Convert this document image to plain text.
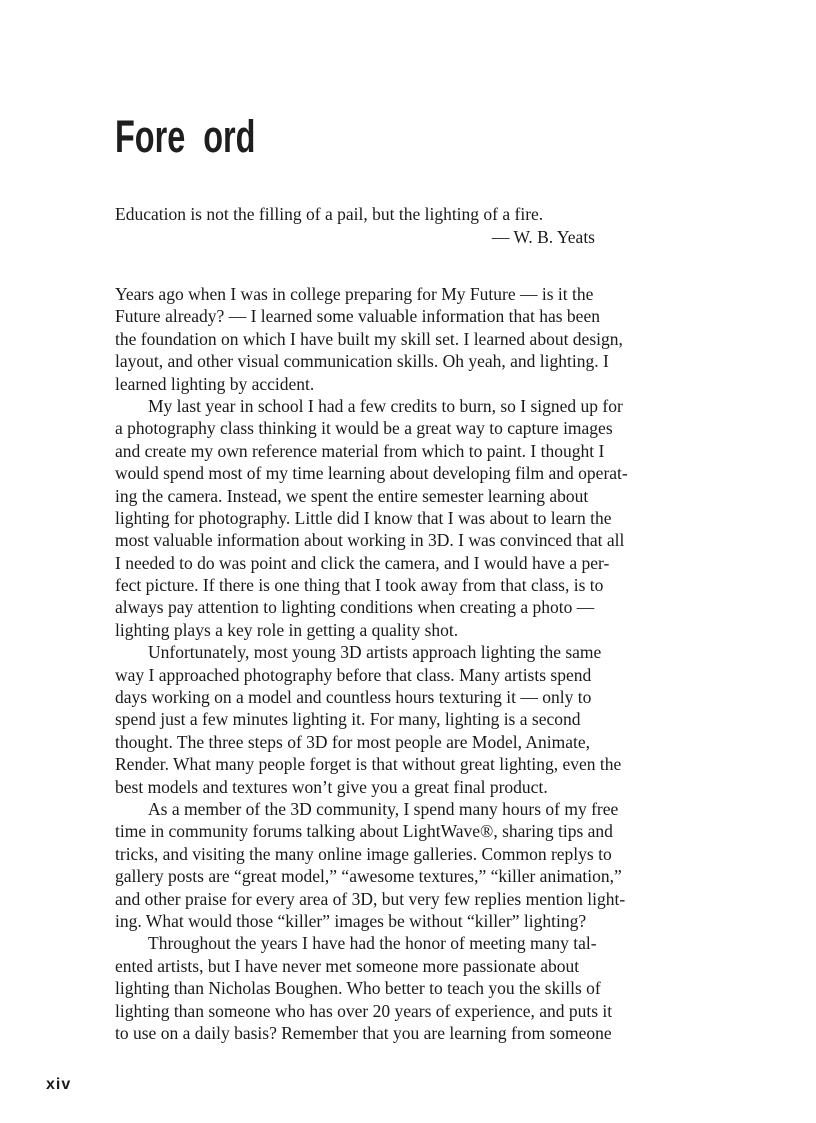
Fore  ord

Education is not the filling of a pail, but the lighting of a fire.

— W. B. Yeats

Years ago when I was in college preparing for My Future — is it the
Future already? — I learned some valuable information that has been
the foundation on which I have built my skill set. I learned about design,
layout, and other visual communication skills. Oh yeah, and lighting. I
learned lighting by accident.
My last year in school I had a few credits to burn, so I signed up for
a photography class thinking it would be a great way to capture images
and create my own reference material from which to paint. I thought I
would spend most of my time learning about developing film and operat-
ing the camera. Instead, we spent the entire semester learning about
lighting for photography. Little did I know that I was about to learn the
most valuable information about working in 3D. I was convinced that all
I needed to do was point and click the camera, and I would have a per-
fect picture. If there is one thing that I took away from that class, is to
always pay attention to lighting conditions when creating a photo —
lighting plays a key role in getting a quality shot.
Unfortunately, most young 3D artists approach lighting the same
way I approached photography before that class. Many artists spend
days working on a model and countless hours texturing it — only to
spend just a few minutes lighting it. For many, lighting is a second
thought. The three steps of 3D for most people are Model, Animate,
Render. What many people forget is that without great lighting, even the
best models and textures won’t give you a great final product.
As a member of the 3D community, I spend many hours of my free
time in community forums talking about LightWave®, sharing tips and
tricks, and visiting the many online image galleries. Common replys to
gallery posts are “great model,” “awesome textures,” “killer animation,”
and other praise for every area of 3D, but very few replies mention light-
ing. What would those “killer” images be without “killer” lighting?
Throughout the years I have had the honor of meeting many tal-
ented artists, but I have never met someone more passionate about
lighting than Nicholas Boughen. Who better to teach you the skills of
lighting than someone who has over 20 years of experience, and puts it
to use on a daily basis? Remember that you are learning from someone
xiv
